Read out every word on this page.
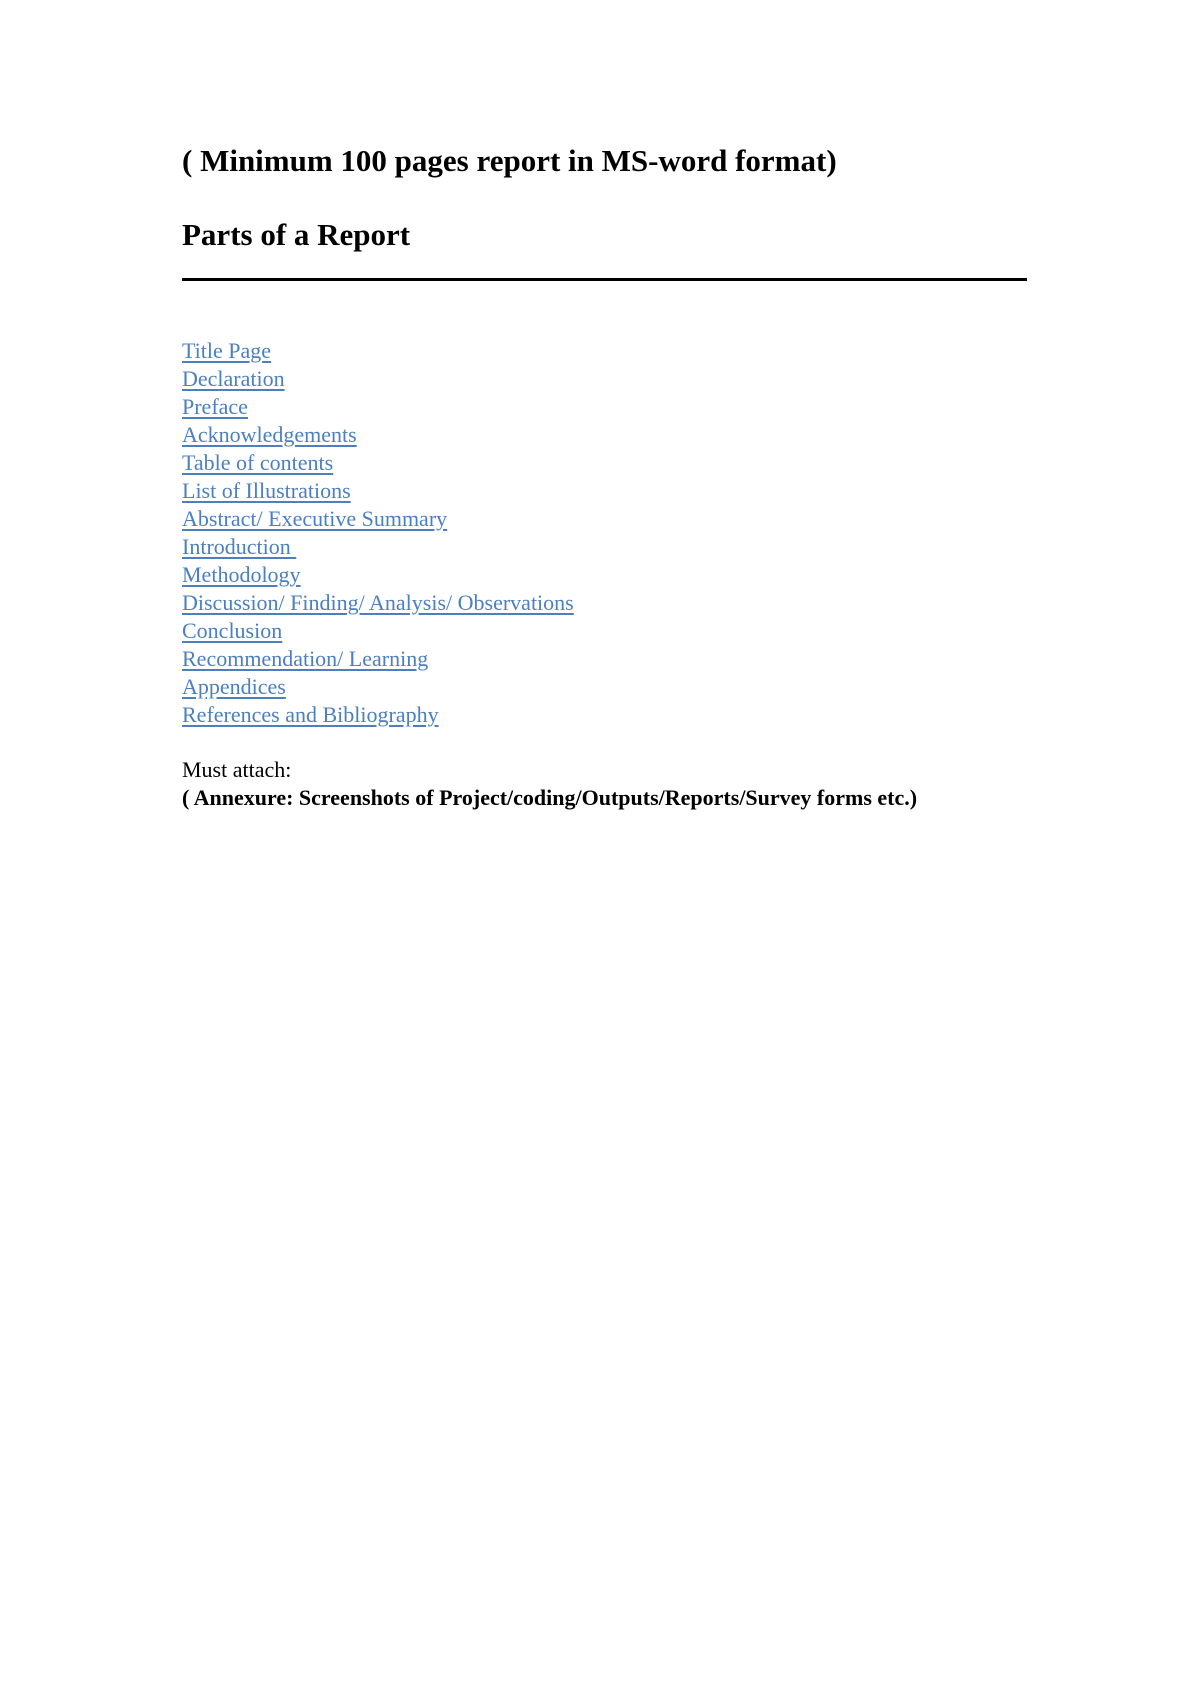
( Minimum 100 pages report in MS-word format)
Parts of a Report
Title Page
Declaration
Preface
Acknowledgements
Table of contents
List of Illustrations
Abstract/ Executive Summary
Introduction
Methodology
Discussion/ Finding/ Analysis/ Observations
Conclusion
Recommendation/ Learning
Appendices
References and Bibliography
Must attach:
( Annexure: Screenshots of Project/coding/Outputs/Reports/Survey forms etc.)
